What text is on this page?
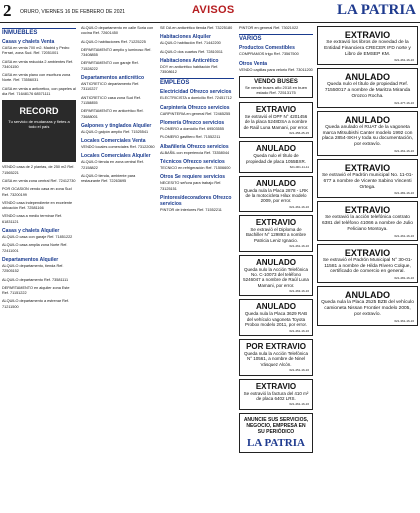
2 ORURO, VIERNES 16 DE FEBRERO DE 2021	AVISOS	LA PATRIA
INMUEBLES
Casas y chalets Venta
CASA en venta 700 m2. Madrid y Pedro Ferrari, zona Sud. Ref. 72051001
CASA en venta reducida 2 ambientes Ref. 73401150
CASA en venta plano con escritura zona Norte. Ref. 73556031
CASA en venta a anticretico, con papeles al día Ref. 71648176 68571111
RECORD
Tu servicio de mudanzas y fletes a todo el país
VENDO casa de 2 plantas, de 250 m2 Ref. 71565221
CASA en venta zona central Ref. 72412730
POR OCASION vendo casa en zona Sud Ref. 73200199
VENDO casa independiente en excelente ubicación Ref. 72581166
VENDO casa a medio terminar Ref. 61831121
Casas y chalets Alquiler
ALQUILO casa con garaje Ref. 71851222
ALQUILO casa amplia zona Norte Ref. 72411001
Departamentos Alquiler
ALQUILO departamento, tienda Ref. 72505152
ALQUILO departamento Ref. 73581111
DEPARTAMENTO en alquiler zona Este Ref. 71151222
ALQUILO departamento a estrenar Ref. 71211500
ALQUILO departamento en calle Soria con cocina Ref. 72601450
ALQUILO habitaciones Ref. 71225225
DEPARTAMENTO amplio y luminoso Ref. 73408855
DEPARTAMENTO con garaje Ref. 71528222
Departamentos anticrético
ANTICRETICO departamento Ref. 73110227
ANTICRETICO casa zona Sud Ref. 71158855
DEPARTAMENTO en anticrético Ref. 73688001
Galpones y tinglados Alquiler
ALQUILO galpón amplio Ref. 71525541
Locales Comerciales Venta
VENDO locales comerciales Ref. 73122050
Locales Comerciales Alquiler
ALQUILO tienda en zona central Ref. 72158822
ALQUILO tienda, ambiente para restaurante Ref. 72263695
SE DA en anticrético tienda Ref. 73225180
Habitaciones Alquiler
ALQUILO habitación Ref. 71442200
ALQUILO dos cuartos Ref. 72810011
Habitaciones Anticrético
DOY en anticrético habitación Ref. 73508612
EMPLEOS
Electricidad Ofrezco servicios
ELECTRICISTA a domicilio Ref. 72451712
Carpintería Ofrezco servicios
CARPINTERIA en general Ref. 72465255
Plomería Ofrezco servicios
PLOMERO a domicilio Ref. 69503555
PLOMERO gasfitero Ref. 71552211
Albañilería Ofrezco servicios
ALBAÑIL con experiencia Ref. 73358044
Técnicos Ofrezco servicios
TECNICO en refrigeración Ref. 71506600
Otros Se requiere servicios
NECESITO señora para trabajo Ref. 73125151
Pintores/decoradores Ofrezco servicios
PINTOR de interiores Ref. 71552211
PINTOR en general Ref. 73021022
VARIOS
Productos Comestibles
COMPRAMOS trigo Ref. 73567500
Otros Venta
VENDO capillas para velorio Ref. 73011200
VENDO BUSES
Se vende buses año 2018 en buen estado Ref. 72513175
EXTRAVIO
Se extravió el DPF N° 4201456 de la placa 5248DSA a nombre de Raúl Luna Mamani, por error.
621-456-25-15
ANULADO
Queda nulo el título de propiedad de placa 1055BXR.
621-001-11-11
ANULADO
Queda nula la Placa 2878 - LRK de la motocicleta Hilux modelo 2009, por error.
621-461-16-16
EXTRAVIO
Se extravió el Diploma de Bachiller N° 129893 a nombre Patricia Leniz Ignacio.
621-461-16-16
ANULADO
Queda nulo la Acción Telefónica No. C-10073 del teléfono 5246047 a nombre de Raúl Luna Mamani, por error.
621-463-16-16
ANULADO
Queda nula la Placa 3629 RAB del vehículo vagoneta Toyota Probox modelo 2011, por error.
621-461-16-16
POR EXTRAVIO
Queda nula la Acción Telefónica N° 10561, a nombre de Ninel Vásquez Alcón.
621-451-16-16
EXTRAVIO
Se extravió la factura del 410 m² de placa 6402 LRS.
621-461-16-16
ANUNCIE SUS SERVICIOS, NEGOCIO, EMPRESA EN SU PERIÓDICO
LA PATRIA
EXTRAVIO
Se extravió los libros de novedad de la Entidad Financiera CRECER IFD norte y Libro de EMSEP KM.
621-461-16-16
ANULADO
Queda nulo el título de propiedad Ref. 71550017 a nombre de Maritza Miranda Orozco Rocha.
621-477-16-16
ANULADO
Queda anulado el RUAT de la vagoneta marca Mitsubishi Canter modelo 1992 con placa 2854-SKH y toda su documentación, por extravío.
621-461-16-16
EXTRAVIO
Se extravió el Padrón municipal No. 11-01-677 a nombre de Vicente Sabino Vincenti Ortega.
621-481-16-16
EXTRAVIO
Se extravió la acción telefónica contrato 6381 del teléfono 41066 a nombre de Julio Feliciano Montoya.
621-461-16-16
EXTRAVIO
Se extravió el Padrón Municipal N° 30-01-11581 a nombre de Hilda Rivero Colque, certificado de comercio en general.
621-481-16-16
ANULADO
Queda nula la Placa 2525 BZB del vehículo camioneta Nissan Frontier modelo 2005, por extravío.
621-361-16-16
